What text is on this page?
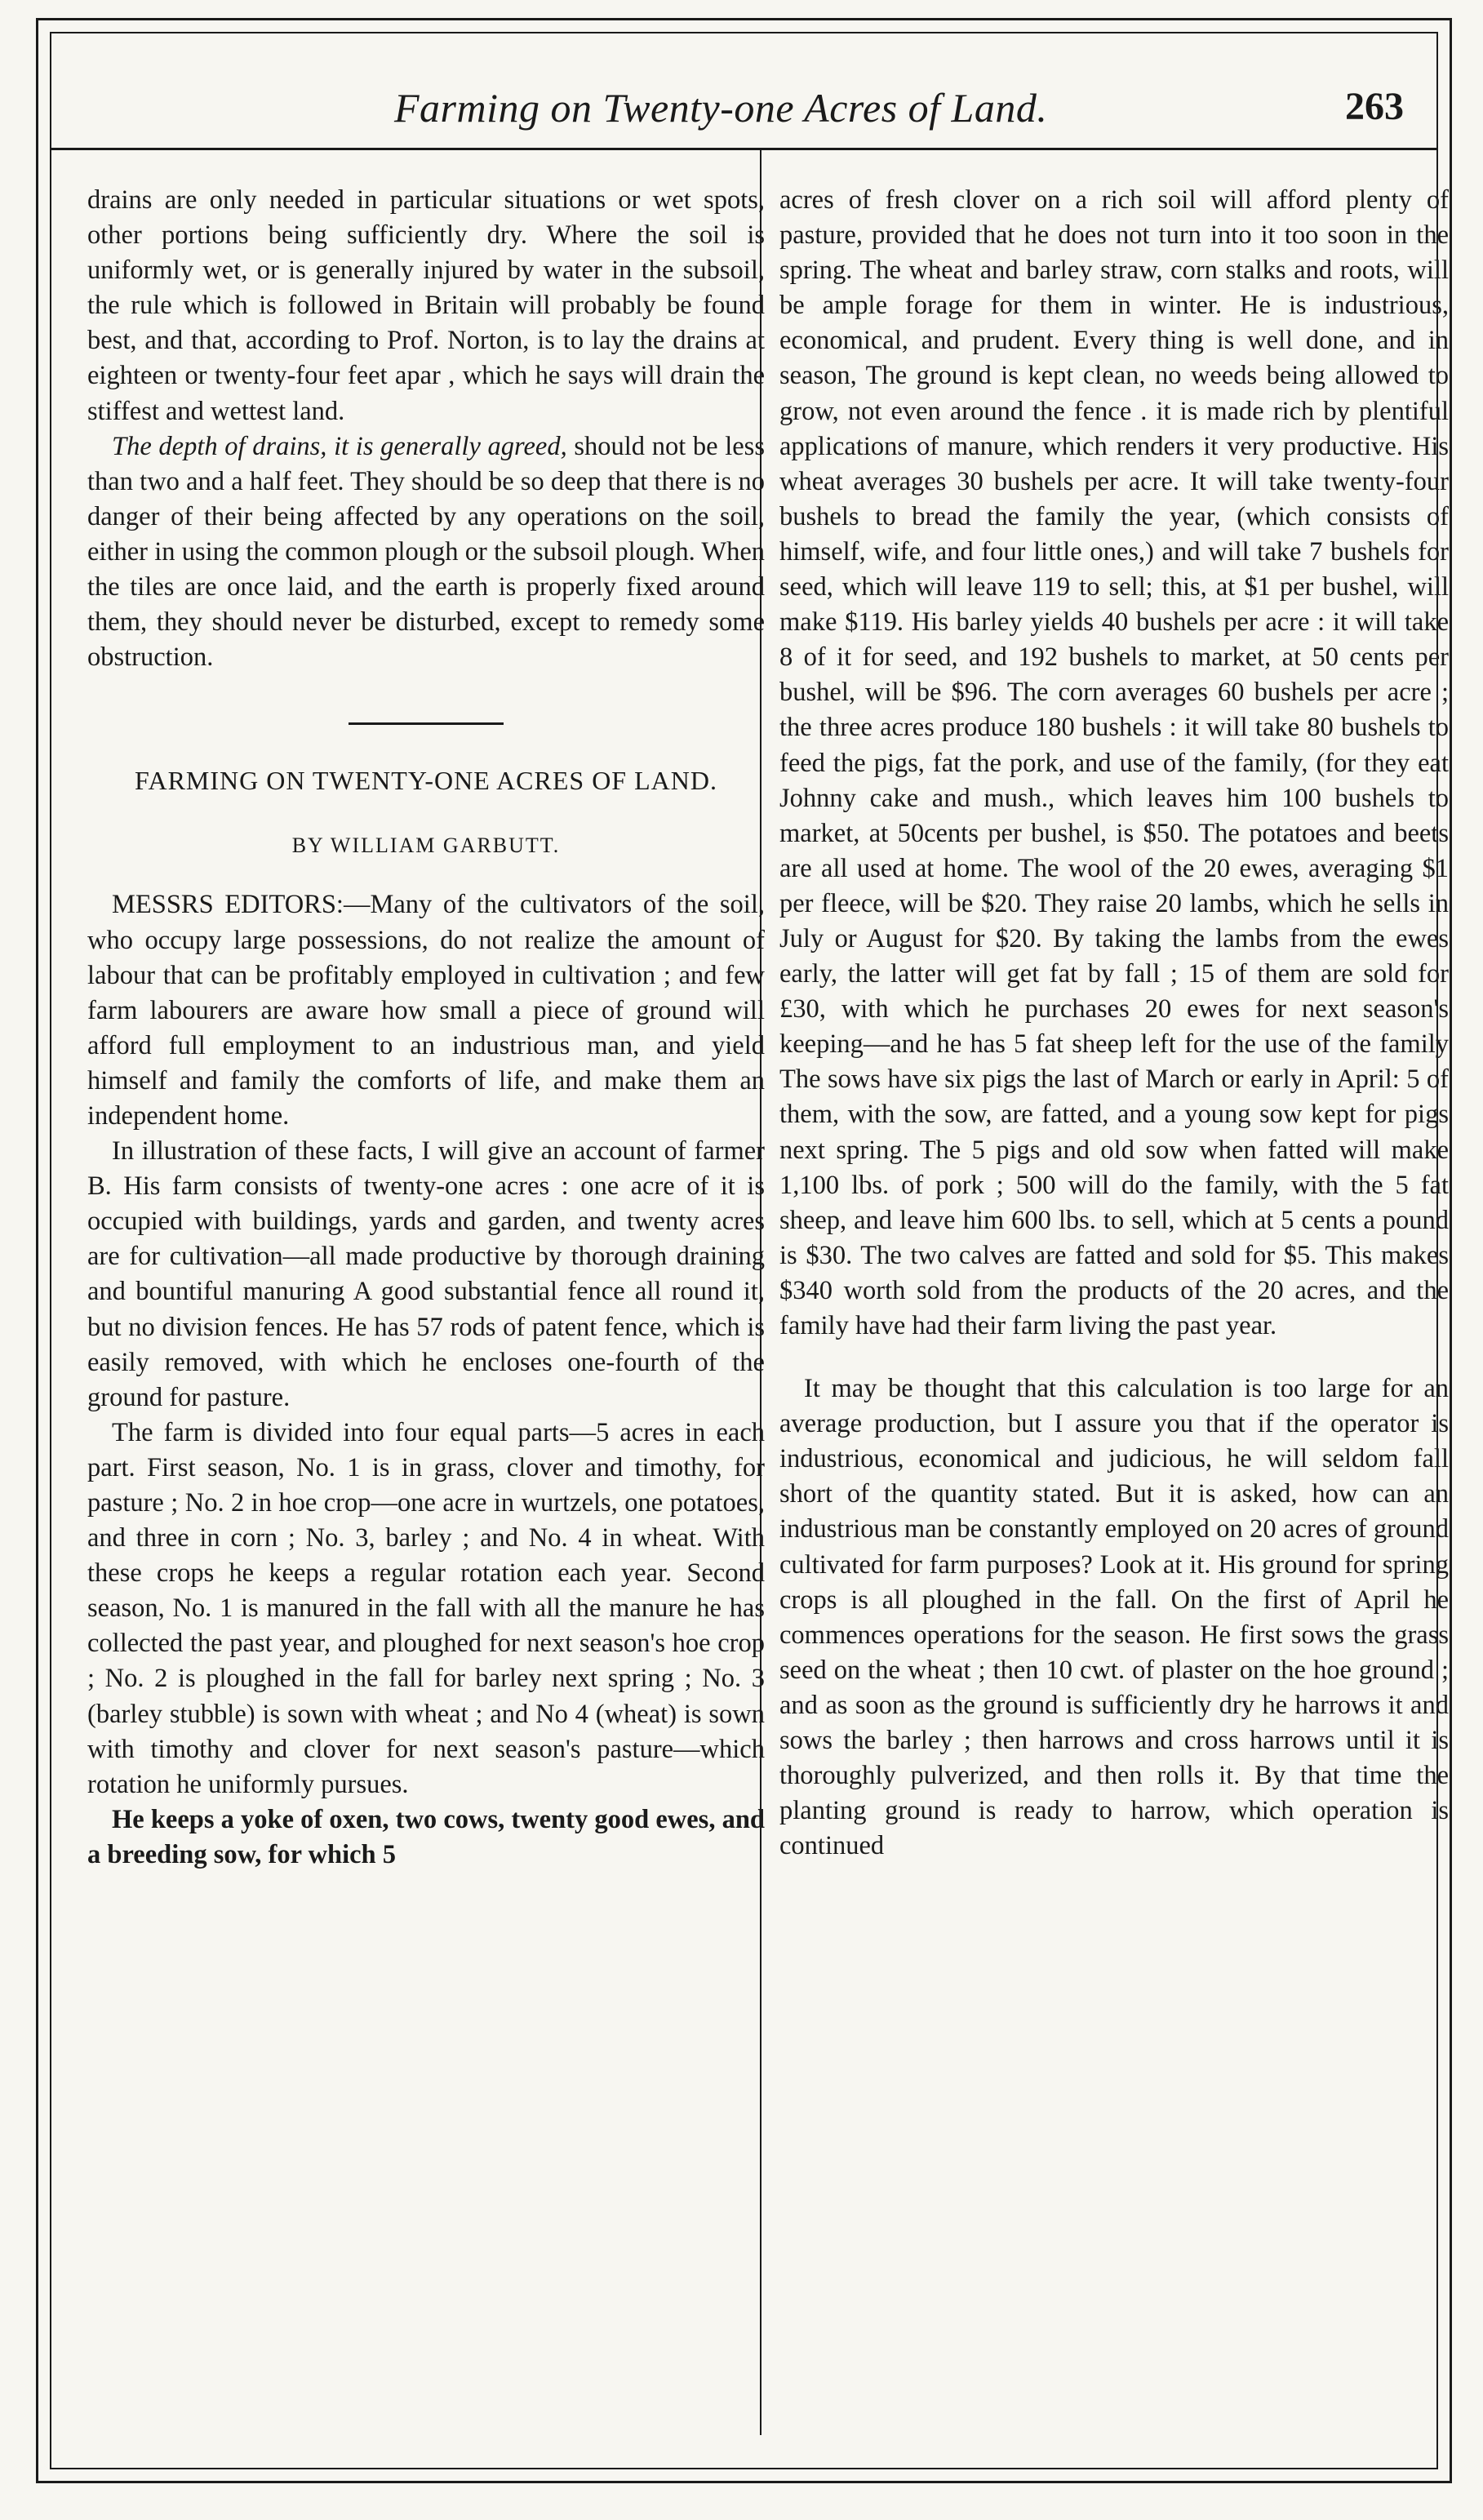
Farming on Twenty-one Acres of Land.	263

drains are only needed in particular situations or wet spots, other portions being sufficiently dry. Where the soil is uniformly wet, or is generally injured by water in the subsoil, the rule which is followed in Britain will probably be found best, and that, according to Prof. Norton, is to lay the drains at eighteen or twenty-four feet apar , which he says will drain the stiffest and wettest land.

The depth of drains, it is generally agreed, should not be less than two and a half feet. They should be so deep that there is no danger of their being affected by any operations on the soil, either in using the common plough or the subsoil plough. When the tiles are once laid, and the earth is properly fixed around them, they should never be disturbed, except to remedy some obstruction.

FARMING ON TWENTY-ONE ACRES OF LAND.

BY WILLIAM GARBUTT.

MESSRS EDITORS:—Many of the cultivators of the soil, who occupy large possessions, do not realize the amount of labour that can be profitably employed in cultivation ; and few farm labourers are aware how small a piece of ground will afford full employment to an industrious man, and yield himself and family the comforts of life, and make them an independent home.

In illustration of these facts, I will give an account of farmer B. His farm consists of twenty-one acres : one acre of it is occupied with buildings, yards and garden, and twenty acres are for cultivation—all made productive by thorough draining and bountiful manuring A good substantial fence all round it, but no division fences. He has 57 rods of patent fence, which is easily removed, with which he encloses one-fourth of the ground for pasture.

The farm is divided into four equal parts—5 acres in each part. First season, No. 1 is in grass, clover and timothy, for pasture ; No. 2 in hoe crop—one acre in wurtzels, one potatoes, and three in corn ; No. 3, barley ; and No. 4 in wheat. With these crops he keeps a regular rotation each year. Second season, No. 1 is manured in the fall with all the manure he has collected the past year, and ploughed for next season's hoe crop ; No. 2 is ploughed in the fall for barley next spring ; No. 3 (barley stubble) is sown with wheat ; and No 4 (wheat) is sown with timothy and clover for next season's pasture—which rotation he uniformly pursues.

He keeps a yoke of oxen, two cows, twenty good ewes, and a breeding sow, for which 5

acres of fresh clover on a rich soil will afford plenty of pasture, provided that he does not turn into it too soon in the spring. The wheat and barley straw, corn stalks and roots, will be ample forage for them in winter. He is industrious, economical, and prudent. Every thing is well done, and in season, The ground is kept clean, no weeds being allowed to grow, not even around the fence . it is made rich by plentiful applications of manure, which renders it very productive. His wheat averages 30 bushels per acre. It will take twenty-four bushels to bread the family the year, (which consists of himself, wife, and four little ones,) and will take 7 bushels for seed, which will leave 119 to sell; this, at $1 per bushel, will make $119. His barley yields 40 bushels per acre : it will take 8 of it for seed, and 192 bushels to market, at 50 cents per bushel, will be $96. The corn averages 60 bushels per acre ; the three acres produce 180 bushels : it will take 80 bushels to feed the pigs, fat the pork, and use of the family, (for they eat Johnny cake and mush., which leaves him 100 bushels to market, at 50cents per bushel, is $50. The potatoes and beets are all used at home. The wool of the 20 ewes, averaging $1 per fleece, will be $20. They raise 20 lambs, which he sells in July or August for $20. By taking the lambs from the ewes early, the latter will get fat by fall ; 15 of them are sold for £30, with which he purchases 20 ewes for next season's keeping—and he has 5 fat sheep left for the use of the family The sows have six pigs the last of March or early in April: 5 of them, with the sow, are fatted, and a young sow kept for pigs next spring. The 5 pigs and old sow when fatted will make 1,100 lbs. of pork ; 500 will do the family, with the 5 fat sheep, and leave him 600 lbs. to sell, which at 5 cents a pound is $30. The two calves are fatted and sold for $5. This makes $340 worth sold from the products of the 20 acres, and the family have had their farm living the past year.

It may be thought that this calculation is too large for an average production, but I assure you that if the operator is industrious, economical and judicious, he will seldom fall short of the quantity stated. But it is asked, how can an industrious man be constantly employed on 20 acres of ground cultivated for farm purposes? Look at it. His ground for spring crops is all ploughed in the fall. On the first of April he commences operations for the season. He first sows the grass seed on the wheat ; then 10 cwt. of plaster on the hoe ground ; and as soon as the ground is sufficiently dry he harrows it and sows the barley ; then harrows and cross harrows until it is thoroughly pulverized, and then rolls it. By that time the planting ground is ready to harrow, which operation is continued
